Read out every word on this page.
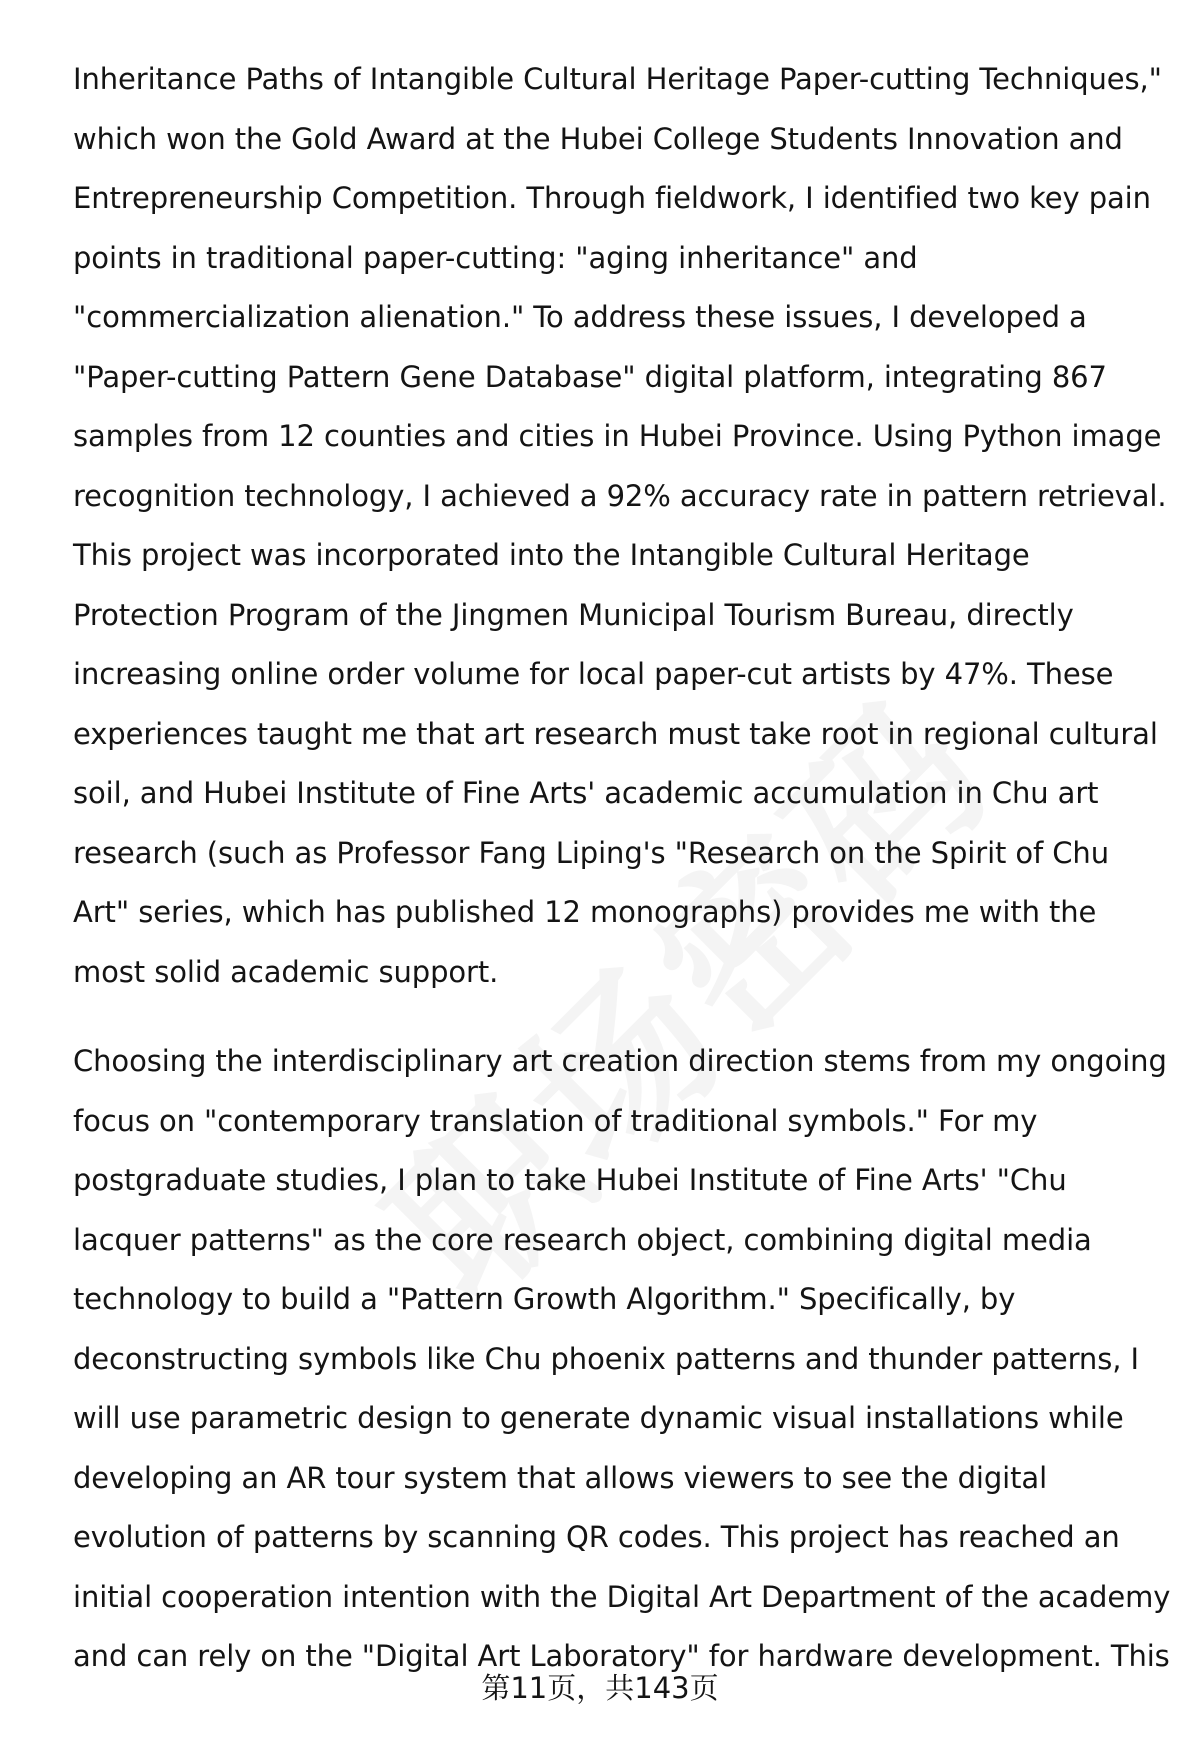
Inheritance Paths of Intangible Cultural Heritage Paper-cutting Techniques,"
which won the Gold Award at the Hubei College Students Innovation and
Entrepreneurship Competition. Through fieldwork, I identified two key pain
points in traditional paper-cutting: "aging inheritance" and
"commercialization alienation." To address these issues, I developed a
"Paper-cutting Pattern Gene Database" digital platform, integrating 867
samples from 12 counties and cities in Hubei Province. Using Python image
recognition technology, I achieved a 92% accuracy rate in pattern retrieval.
This project was incorporated into the Intangible Cultural Heritage
Protection Program of the Jingmen Municipal Tourism Bureau, directly
increasing online order volume for local paper-cut artists by 47%. These
experiences taught me that art research must take root in regional cultural
soil, and Hubei Institute of Fine Arts' academic accumulation in Chu art
research (such as Professor Fang Liping's "Research on the Spirit of Chu
Art" series, which has published 12 monographs) provides me with the
most solid academic support.
Choosing the interdisciplinary art creation direction stems from my ongoing
focus on "contemporary translation of traditional symbols." For my
postgraduate studies, I plan to take Hubei Institute of Fine Arts' "Chu
lacquer patterns" as the core research object, combining digital media
technology to build a "Pattern Growth Algorithm." Specifically, by
deconstructing symbols like Chu phoenix patterns and thunder patterns, I
will use parametric design to generate dynamic visual installations while
developing an AR tour system that allows viewers to see the digital
evolution of patterns by scanning QR codes. This project has reached an
initial cooperation intention with the Digital Art Department of the academy
and can rely on the "Digital Art Laboratory" for hardware development. This
第11页，共143页
